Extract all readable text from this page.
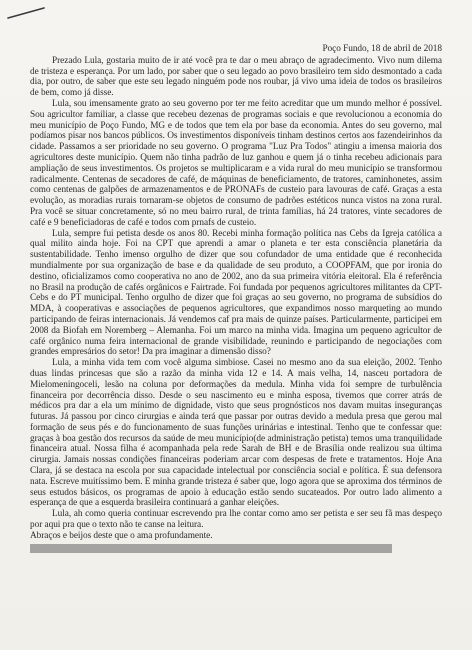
Poço Fundo, 18 de abril de 2018

Prezado Lula, gostaria muito de ir até você pra te dar o meu abraço de agradecimento. Vivo num dilema de tristeza e esperança. Por um lado, por saber que o seu legado ao povo brasileiro tem sido desmontado a cada dia, por outro, de saber que este seu legado ninguém pode nos roubar, já vivo uma ideia de todos os brasileiros de bem, como já disse.

Lula, sou imensamente grato ao seu governo por ter me feito acreditar que um mundo melhor é possível. Sou agricultor familiar, a classe que recebeu dezenas de programas sociais e que revolucionou a economia do meu município de Poço Fundo, MG e de todos que tem ela por base da economia. Antes do seu governo, mal podíamos pisar nos bancos públicos. Os investimentos disponíveis tinham destinos certos aos fazendeirinhos da cidade. Passamos a ser prioridade no seu governo. O programa "Luz Pra Todos" atingiu a imensa maioria dos agricultores deste município. Quem não tinha padrão de luz ganhou e quem já o tinha recebeu adicionais para ampliação de seus investimentos. Os projetos se multiplicaram e a vida rural do meu município se transformou radicalmente. Centenas de secadores de café, de máquinas de beneficiamento, de tratores, caminhonetes, assim como centenas de galpões de armazenamentos e de PRONAFs de custeio para lavouras de café. Graças a esta evolução, as moradias rurais tornaram-se objetos de consumo de padrões estéticos nunca vistos na zona rural. Pra você se situar concretamente, só no meu bairro rural, de trinta famílias, há 24 tratores, vinte secadores de café e 9 beneficiadoras de café e todos com prnafs de custeio.

Lula, sempre fui petista desde os anos 80. Recebi minha formação política nas Cebs da Igreja católica a qual milito ainda hoje. Foi na CPT que aprendi a amar o planeta e ter esta consciência planetária da sustentabilidade. Tenho imenso orgulho de dizer que sou cofundador de uma entidade que é reconhecida mundialmente por sua organização de base e da qualidade de seu produto, a COOPFAM, que por ironia do destino, oficializamos como cooperativa no ano de 2002, ano da sua primeira vitória eleitoral. Ela é referência no Brasil na produção de cafés orgânicos e Fairtrade. Foi fundada por pequenos agricultores militantes da CPT-Cebs e do PT municipal. Tenho orgulho de dizer que foi graças ao seu governo, no programa de subsídios do MDA, à cooperativas e associações de pequenos agricultores, que expandimos nosso marqueting ao mundo participando de feiras internacionais. Já vendemos caf pra mais de quinze países. Particularmente, participei em 2008 da Biofah em Noremberg – Alemanha. Foi um marco na minha vida. Imagina um pequeno agricultor de café orgânico numa feira internacional de grande visibilidade, reunindo e participando de negociações com grandes empresários do setor! Da pra imaginar a dimensão disso?

Lula, a minha vida tem com você alguma simbiose. Casei no mesmo ano da sua eleição, 2002. Tenho duas lindas princesas que são a razão da minha vida 12 e 14. A mais velha, 14, nasceu portadora de Mielomeningoceli, lesão na coluna por deformações da medula. Minha vida foi sempre de turbulência financeira por decorrência disso. Desde o seu nascimento eu e minha esposa, tivemos que correr atrás de médicos pra dar a ela um mínimo de dignidade, visto que seus prognósticos nos davam muitas inseguranças futuras. Já passou por cinco cirurgias e ainda terá que passar por outras devido a medula presa que gerou mal formação de seus pés e do funcionamento de suas funções urinárias e intestinal. Tenho que te confessar que: graças à boa gestão dos recursos da saúde de meu município(de administração petista) temos uma tranquilidade financeira atual. Nossa filha é acompanhada pela rede Sarah de BH e de Brasília onde realizou sua última cirurgia. Jamais nossas condições financeiras poderiam arcar com despesas de frete e tratamentos. Hoje Ana Clara, já se destaca na escola por sua capacidade intelectual por consciência social e política. É sua defensora nata. Escreve muitíssimo bem. E minha grande tristeza é saber que, logo agora que se aproxima dos términos de seus estudos básicos, os programas de apoio à educação estão sendo sucateados. Por outro lado alimento a esperança de que a esquerda brasileira continuará a ganhar eleições.

Lula, ah como queria continuar escrevendo pra lhe contar como amo ser petista e ser seu fã mas despeço por aqui pra que o texto não te canse na leitura.

Abraços e beijos deste que o ama profundamente.
